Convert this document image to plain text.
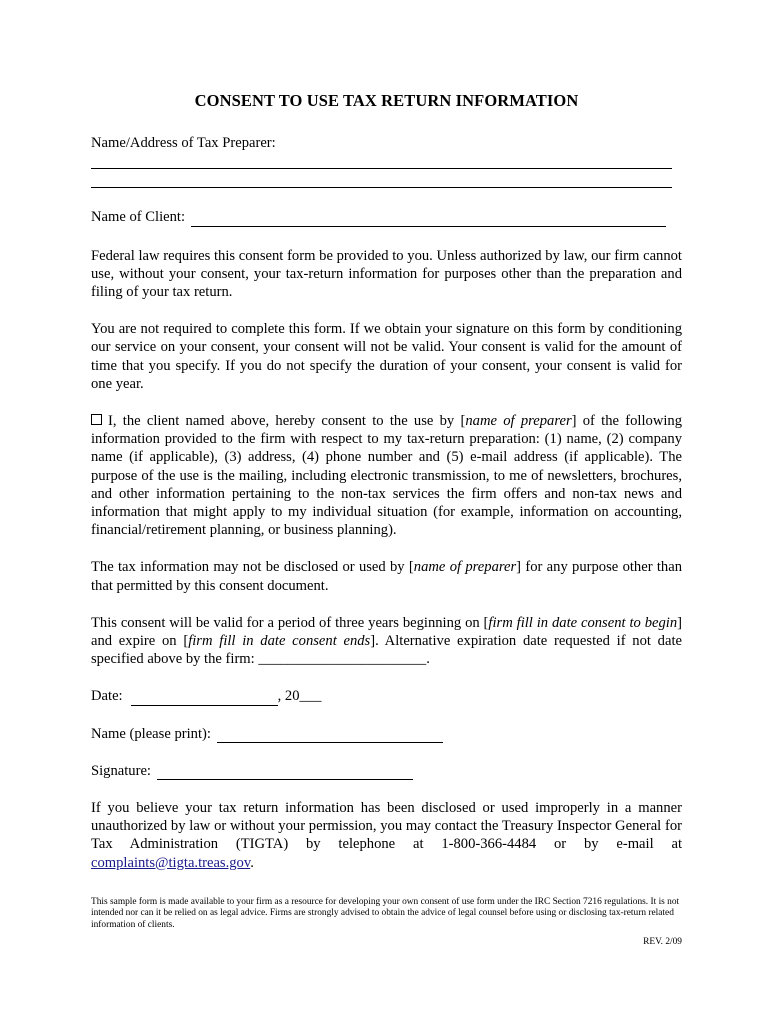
CONSENT TO USE TAX RETURN INFORMATION

Name/Address of Tax Preparer:

Name of Client:

Federal law requires this consent form be provided to you. Unless authorized by law, our firm cannot use, without your consent, your tax-return information for purposes other than the preparation and filing of your tax return.

You are not required to complete this form. If we obtain your signature on this form by conditioning our service on your consent, your consent will not be valid. Your consent is valid for the amount of time that you specify. If you do not specify the duration of your consent, your consent is valid for one year.

I, the client named above, hereby consent to the use by [name of preparer] of the following information provided to the firm with respect to my tax-return preparation: (1) name, (2) company name (if applicable), (3) address, (4) phone number and (5) e-mail address (if applicable). The purpose of the use is the mailing, including electronic transmission, to me of newsletters, brochures, and other information pertaining to the non-tax services the firm offers and non-tax news and information that might apply to my individual situation (for example, information on accounting, financial/retirement planning, or business planning).

The tax information may not be disclosed or used by [name of preparer] for any purpose other than that permitted by this consent document.

This consent will be valid for a period of three years beginning on [firm fill in date consent to begin] and expire on [firm fill in date consent ends]. Alternative expiration date requested if not date specified above by the firm: _______________________.

Date:	, 20___
Name (please print):
Signature:

If you believe your tax return information has been disclosed or used improperly in a manner unauthorized by law or without your permission, you may contact the Treasury Inspector General for Tax Administration (TIGTA) by telephone at 1-800-366-4484 or by e-mail at complaints@tigta.treas.gov.

This sample form is made available to your firm as a resource for developing your own consent of use form under the IRC Section 7216 regulations. It is not intended nor can it be relied on as legal advice. Firms are strongly advised to obtain the advice of legal counsel before using or disclosing tax-return related information of clients.

REV. 2/09
